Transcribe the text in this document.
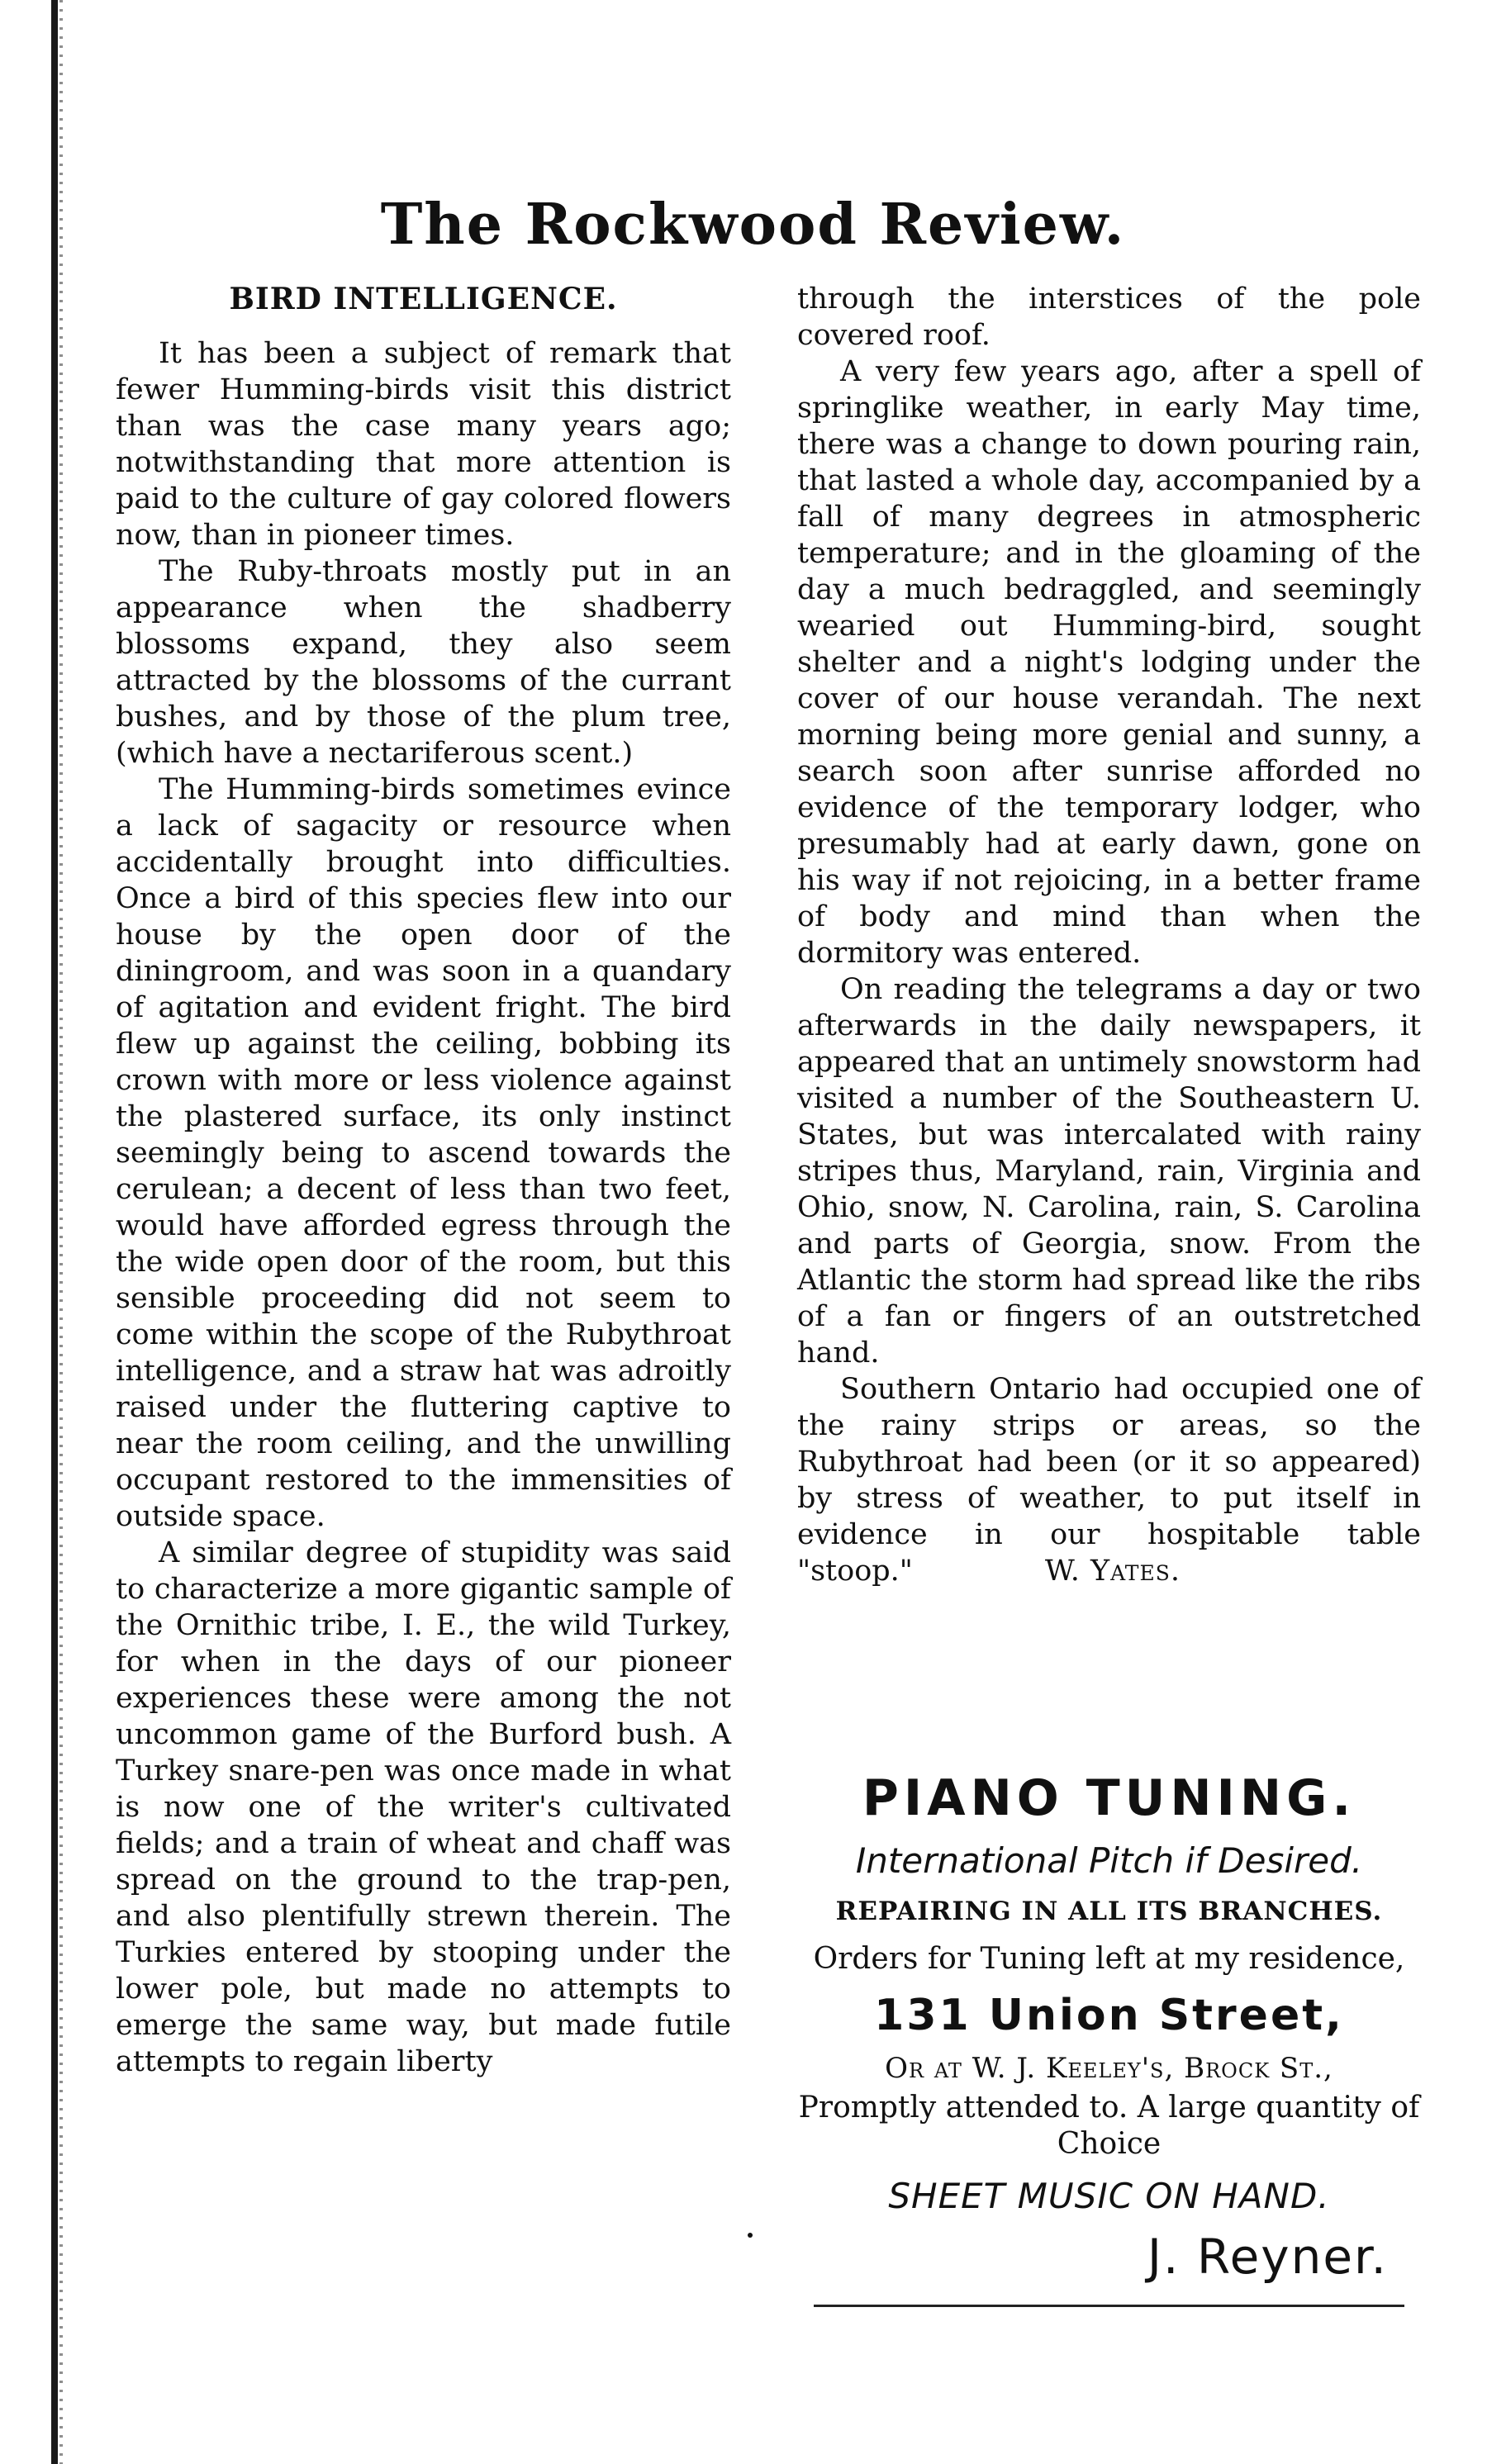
The Rockwood Review.

BIRD INTELLIGENCE.

It has been a subject of remark that fewer Humming-birds visit this district than was the case many years ago; notwithstanding that more attention is paid to the culture of gay colored flowers now, than in pioneer times.

The Ruby-throats mostly put in an appearance when the shadberry blossoms expand, they also seem attracted by the blossoms of the currant bushes, and by those of the plum tree, (which have a nectariferous scent.)

The Humming-birds sometimes evince a lack of sagacity or resource when accidentally brought into difficulties. Once a bird of this species flew into our house by the open door of the diningroom, and was soon in a quandary of agitation and evident fright. The bird flew up against the ceiling, bobbing its crown with more or less violence against the plastered surface, its only instinct seemingly being to ascend towards the cerulean; a decent of less than two feet, would have afforded egress through the the wide open door of the room, but this sensible proceeding did not seem to come within the scope of the Rubythroat intelligence, and a straw hat was adroitly raised under the fluttering captive to near the room ceiling, and the unwilling occupant restored to the immensities of outside space.

A similar degree of stupidity was said to characterize a more gigantic sample of the Ornithic tribe, I. E., the wild Turkey, for when in the days of our pioneer experiences these were among the not uncommon game of the Burford bush. A Turkey snare-pen was once made in what is now one of the writer's cultivated fields; and a train of wheat and chaff was spread on the ground to the trap-pen, and also plentifully strewn therein. The Turkies entered by stooping under the lower pole, but made no attempts to emerge the same way, but made futile attempts to regain liberty

through the interstices of the pole covered roof.

A very few years ago, after a spell of springlike weather, in early May time, there was a change to down pouring rain, that lasted a whole day, accompanied by a fall of many degrees in atmospheric temperature; and in the gloaming of the day a much bedraggled, and seemingly wearied out Humming-bird, sought shelter and a night's lodging under the cover of our house verandah. The next morning being more genial and sunny, a search soon after sunrise afforded no evidence of the temporary lodger, who presumably had at early dawn, gone on his way if not rejoicing, in a better frame of body and mind than when the dormitory was entered.

On reading the telegrams a day or two afterwards in the daily newspapers, it appeared that an untimely snowstorm had visited a number of the Southeastern U. States, but was intercalated with rainy stripes thus, Maryland, rain, Virginia and Ohio, snow, N. Carolina, rain, S. Carolina and parts of Georgia, snow. From the Atlantic the storm had spread like the ribs of a fan or fingers of an outstretched hand.

Southern Ontario had occupied one of the rainy strips or areas, so the Rubythroat had been (or it so appeared) by stress of weather, to put itself in evidence in our hospitable table "stoop."	W. Yates.

PIANO TUNING.
International Pitch if Desired.
REPAIRING IN ALL ITS BRANCHES.
Orders for Tuning left at my residence,
131 Union Street,
Or at W. J. Keeley's, Brock St.,
Promptly attended to. A large quantity of Choice
SHEET MUSIC ON HAND.
J. Reyner.
